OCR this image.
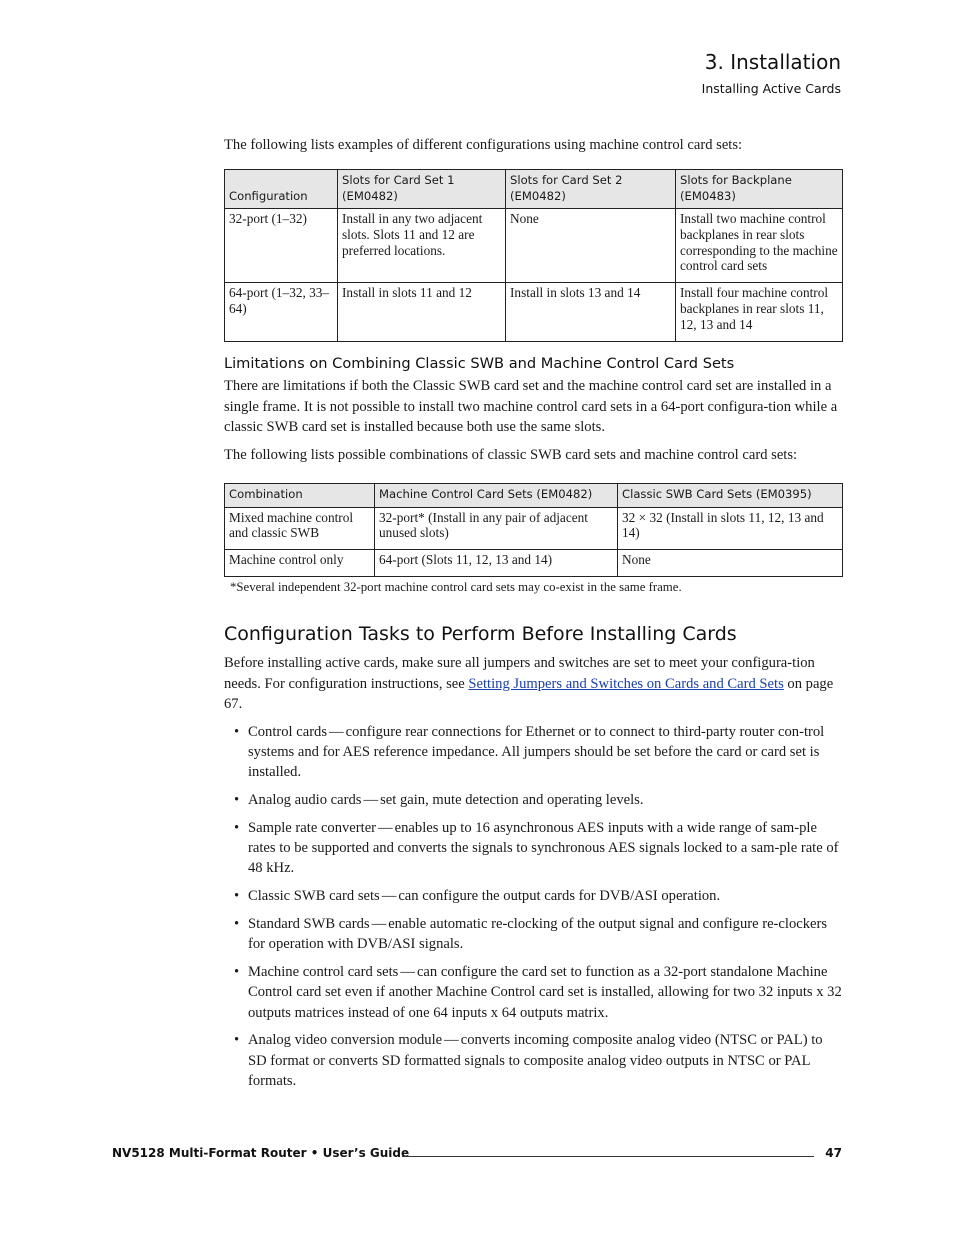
3. Installation
Installing Active Cards

The following lists examples of different configurations using machine control card sets:

Configuration	Slots for Card Set 1 (EM0482)	Slots for Card Set 2 (EM0482)	Slots for Backplane (EM0483)
32-port (1–32)	Install in any two adjacent slots. Slots 11 and 12 are preferred locations.	None	Install two machine control backplanes in rear slots corresponding to the machine control card sets
64-port (1–32, 33–64)	Install in slots 11 and 12	Install in slots 13 and 14	Install four machine control backplanes in rear slots 11, 12, 13 and 14
Limitations on Combining Classic SWB and Machine Control Card Sets

There are limitations if both the Classic SWB card set and the machine control card set are installed in a single frame. It is not possible to install two machine control card sets in a 64-port configura-tion while a classic SWB card set is installed because both use the same slots.

The following lists possible combinations of classic SWB card sets and machine control card sets:

Combination	Machine Control Card Sets (EM0482)	Classic SWB Card Sets (EM0395)
Mixed machine control and classic SWB	32-port* (Install in any pair of adjacent unused slots)	32 × 32 (Install in slots 11, 12, 13 and 14)
Machine control only	64-port (Slots 11, 12, 13 and 14)	None
*Several independent 32-port machine control card sets may co-exist in the same frame.
Configuration Tasks to Perform Before Installing Cards

Before installing active cards, make sure all jumpers and switches are set to meet your configura-tion needs. For configuration instructions, see Setting Jumpers and Switches on Cards and Card Sets on page 67.

• Control cards — configure rear connections for Ethernet or to connect to third-party router con-trol systems and for AES reference impedance. All jumpers should be set before the card or card set is installed.
• Analog audio cards — set gain, mute detection and operating levels.
• Sample rate converter — enables up to 16 asynchronous AES inputs with a wide range of sam-ple rates to be supported and converts the signals to synchronous AES signals locked to a sam-ple rate of 48 kHz.
• Classic SWB card sets — can configure the output cards for DVB/ASI operation.
• Standard SWB cards — enable automatic re-clocking of the output signal and configure re-clockers for operation with DVB/ASI signals.
• Machine control card sets — can configure the card set to function as a 32-port standalone Machine Control card set even if another Machine Control card set is installed, allowing for two 32 inputs x 32 outputs matrices instead of one 64 inputs x 64 outputs matrix.
• Analog video conversion module — converts incoming composite analog video (NTSC or PAL) to SD format or converts SD formatted signals to composite analog video outputs in NTSC or PAL formats.
NV5128 Multi-Format Router • User’s Guide	47
